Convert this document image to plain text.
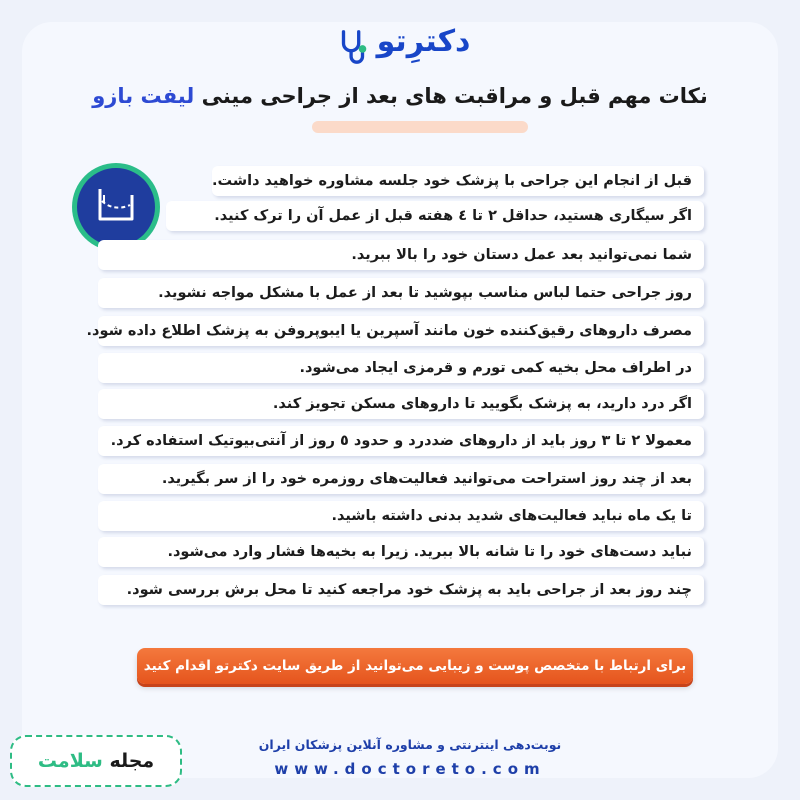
دکترِتو
نکات مهم قبل و مراقبت های بعد از جراحی مینی لیفت بازو
قبل از انجام این جراحی با پزشک خود جلسه مشاوره خواهید داشت.
اگر سیگاری هستید، حداقل ۲ تا ٤ هفته قبل از عمل آن را ترک کنید.
شما نمی‌توانید بعد عمل دستان خود را بالا ببرید.
روز جراحی حتما لباس مناسب بپوشید تا بعد از عمل با مشکل مواجه نشوید.
مصرف داروهای رقیق‌کننده خون مانند آسپرین یا ایبوپروفن به پزشک اطلاع داده شود.
در اطراف محل بخیه کمی تورم و قرمزی ایجاد می‌شود.
اگر درد دارید، به پزشک بگویید تا داروهای مسکن تجویز کند.
معمولا ۲ تا ۳ روز باید از داروهای ضددرد و حدود ٥ روز از آنتی‌بیوتیک استفاده کرد.
بعد از چند روز استراحت می‌توانید فعالیت‌های روزمره خود را از سر بگیرید.
تا یک ماه نباید فعالیت‌های شدید بدنی داشته باشید.
نباید دست‌های خود را تا شانه بالا ببرید. زیرا به بخیه‌ها فشار وارد می‌شود.
چند روز بعد از جراحی باید به پزشک خود مراجعه کنید تا محل برش بررسی شود.
برای ارتباط با متخصص پوست و زیبایی می‌توانید از طریق سایت دکترتو اقدام کنید
نوبت‌دهی اینترنتی و مشاوره آنلاین پزشکان ایران
www.doctoreto.com
مجله سلامت
